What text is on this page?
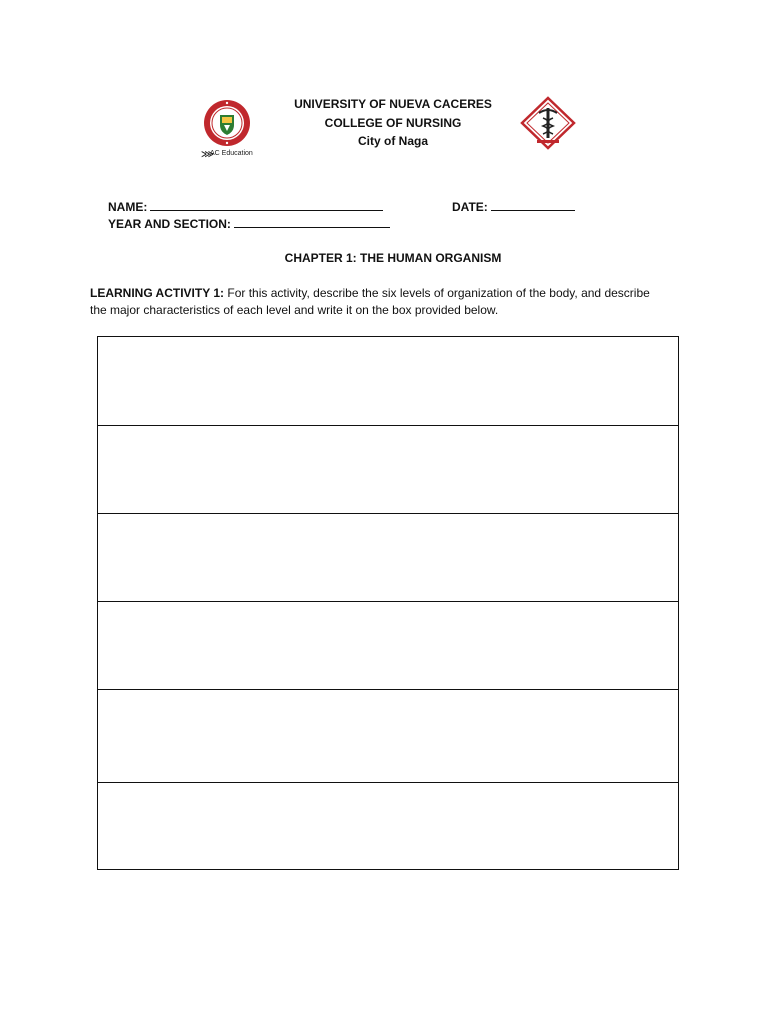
⋙
AC Education
UNIVERSITY OF NUEVA CACERES
COLLEGE OF NURSING
City of Naga
NAME:	DATE:
YEAR AND SECTION:
CHAPTER 1: THE HUMAN ORGANISM
LEARNING ACTIVITY 1: For this activity, describe the six levels of organization of the body, and describe the major characteristics of each level and write it on the box provided below.
